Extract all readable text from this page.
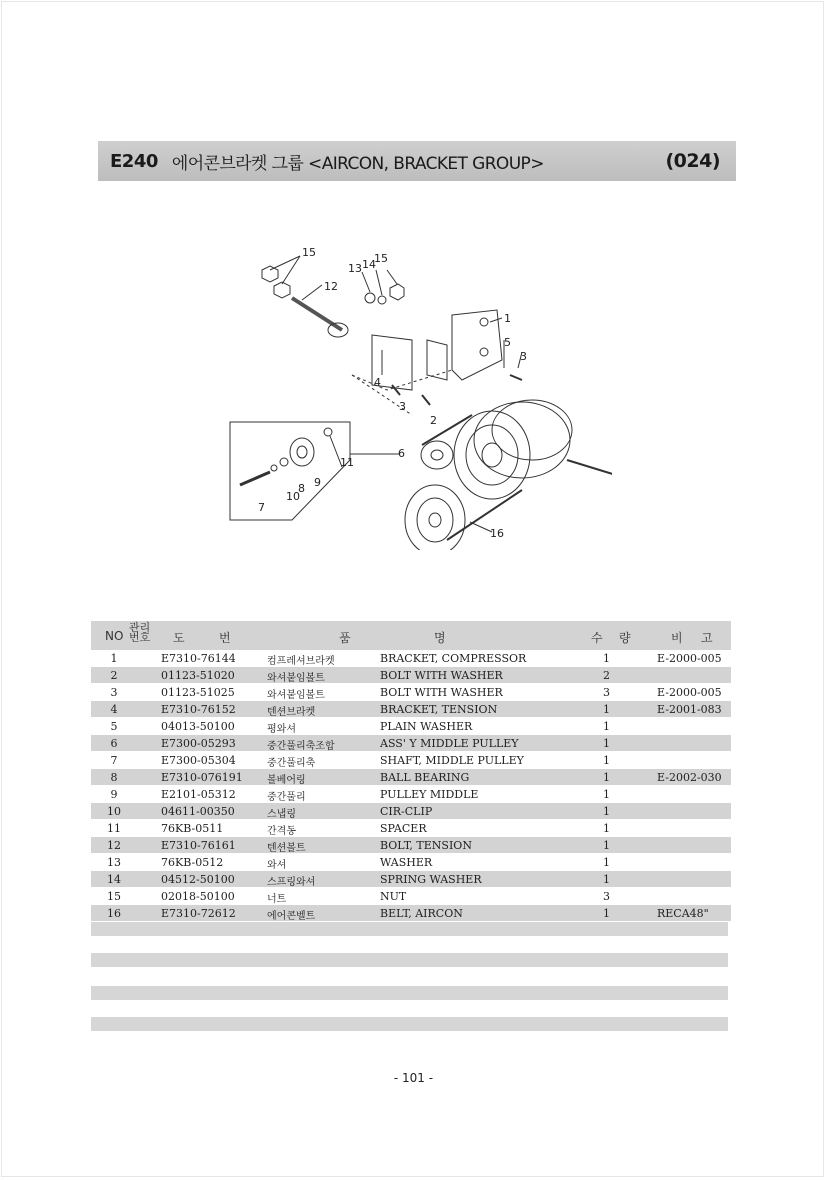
E240 에어콘브라켓 그룹 <AIRCON, BRACKET GROUP>	(024)
15
12
13 14
15
1
5
3
4
3
2
11
6
9
10
8
7
16
NO
관리
번호 도	번	품	명	수 량	비 고
1	E7310-76144	컴프레셔브라켓	BRACKET, COMPRESSOR	1	E-2000-005
2	01123-51020	와셔붙임볼트	BOLT WITH WASHER	2
3	01123-51025	와셔붙임볼트	BOLT WITH WASHER	3	E-2000-005
4	E7310-76152	텐션브라켓	BRACKET, TENSION	1	E-2001-083
5	04013-50100	평와셔	PLAIN WASHER	1
6	E7300-05293	중간풀리축조합	ASS' Y MIDDLE PULLEY	1
7	E7300-05304	중간풀리축	SHAFT, MIDDLE PULLEY	1
8	E7310-076191 볼베어링	BALL BEARING	1	E-2002-030
9	E2101-05312	중간풀리	PULLEY MIDDLE	1
10	04611-00350	스냅링	CIR-CLIP	1
11	76KB-0511	간격동	SPACER	1
12	E7310-76161	텐션볼트	BOLT, TENSION	1
13	76KB-0512	와셔	WASHER	1
14	04512-50100	스프링와셔	SPRING WASHER	1
15	02018-50100	너트	NUT	3
16	E7310-72612	에어콘벨트	BELT, AIRCON	1	RECA48"
- 101 -
